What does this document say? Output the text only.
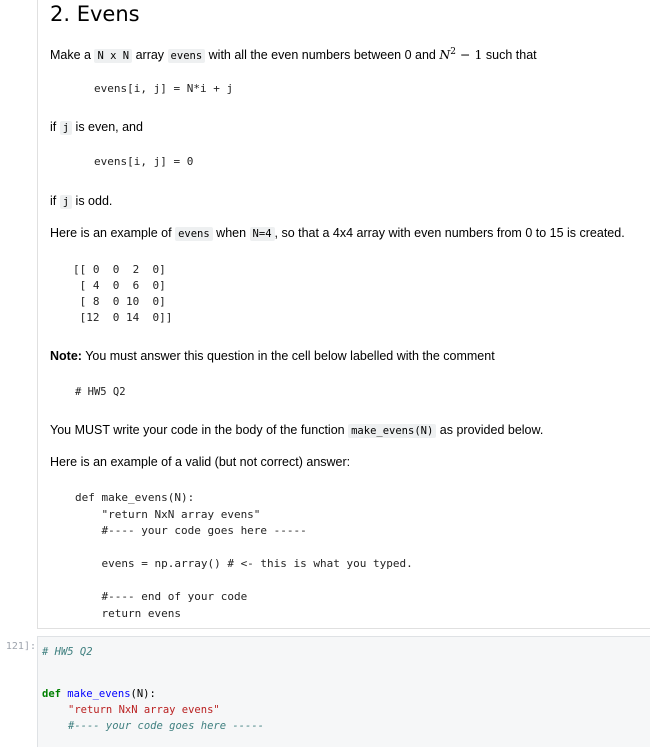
2. Evens
Make a N x N array evens with all the even numbers between 0 and $N^2 - 1$ such that
evens[i, j] = N*i + j
if j is even, and
evens[i, j] = 0
if j is odd.
Here is an example of evens when N=4 , so that a 4x4 array with even numbers from 0 to 15 is created.
[[ 0  0  2  0]
[ 4  0  6  0]
[ 8  0 10  0]
[12  0 14  0]]
Note: You must answer this question in the cell below labelled with the comment
# HW5 Q2
You MUST write your code in the body of the function make_evens(N) as provided below.
Here is an example of a valid (but not correct) answer:
def make_evens(N):
"return NxN array evens"
#---- your code goes here -----

evens = np.array() # <- this is what you typed.

#---- end of your code
return evens
121]: # HW5 Q2
def make_evens(N):
"return NxN array evens"
#---- your code goes here -----
